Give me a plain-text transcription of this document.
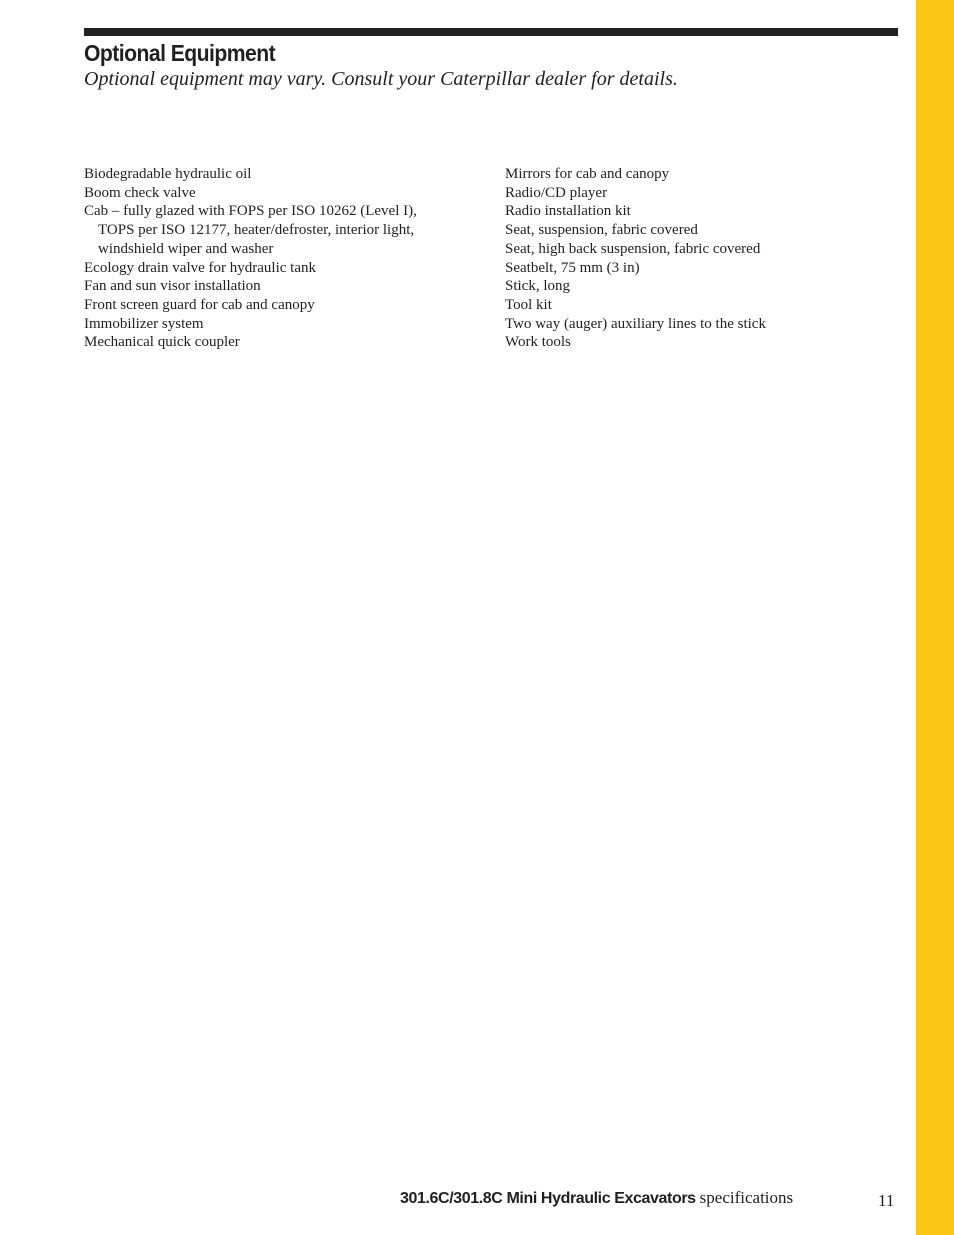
Optional Equipment

Optional equipment may vary. Consult your Caterpillar dealer for details.

Biodegradable hydraulic oil
Boom check valve
Cab – fully glazed with FOPS per ISO 10262 (Level I), TOPS per ISO 12177, heater/defroster, interior light, windshield wiper and washer
Ecology drain valve for hydraulic tank
Fan and sun visor installation
Front screen guard for cab and canopy
Immobilizer system
Mechanical quick coupler
Mirrors for cab and canopy
Radio/CD player
Radio installation kit
Seat, suspension, fabric covered
Seat, high back suspension, fabric covered
Seatbelt, 75 mm (3 in)
Stick, long
Tool kit
Two way (auger) auxiliary lines to the stick
Work tools
301.6C/301.8C Mini Hydraulic Excavators specifications	11
